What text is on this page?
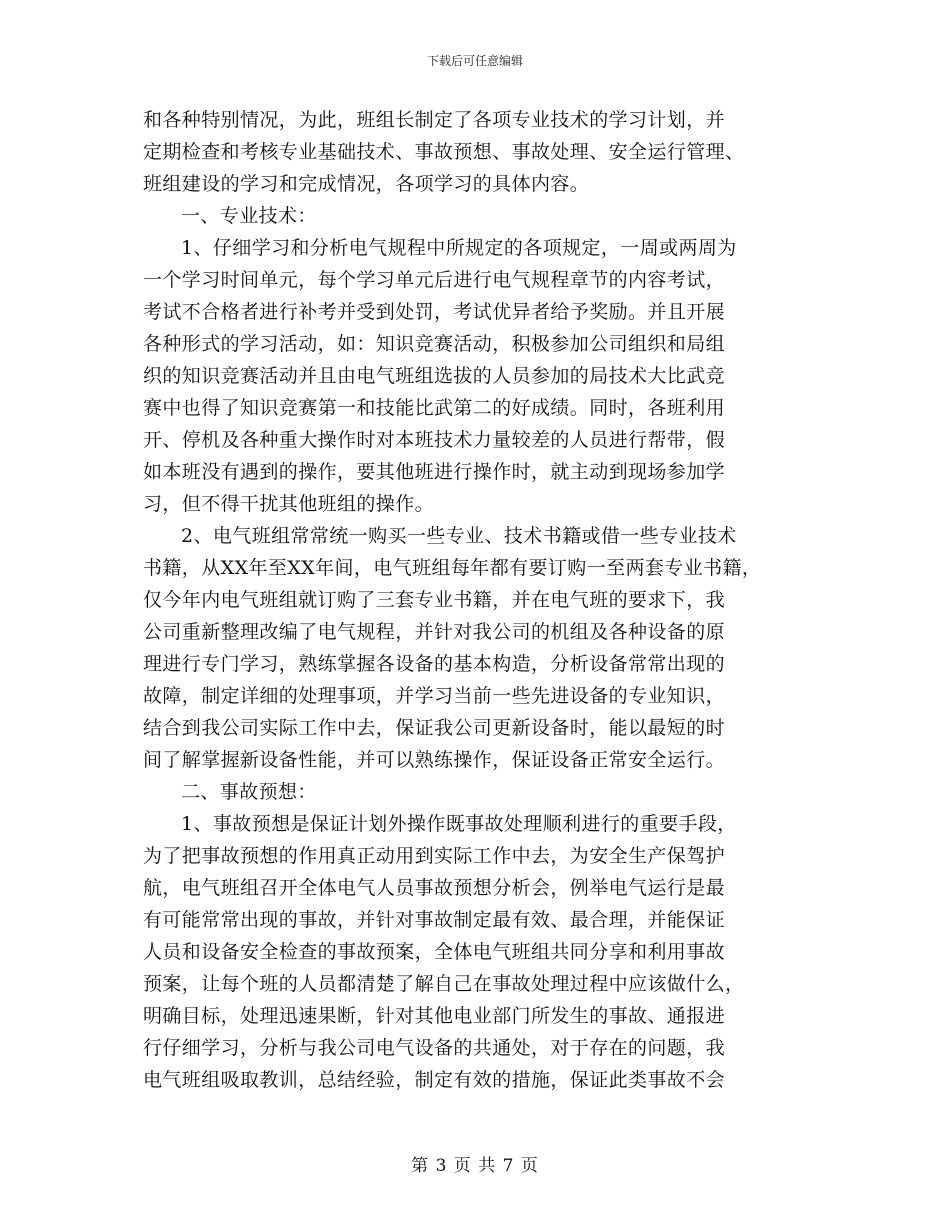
下载后可任意编辑
和各种特别情况，为此，班组长制定了各项专业技术的学习计划，并
定期检查和考核专业基础技术、事故预想、事故处理、安全运行管理、
班组建设的学习和完成情况，各项学习的具体内容。
一、专业技术：
1、仔细学习和分析电气规程中所规定的各项规定，一周或两周为
一个学习时间单元，每个学习单元后进行电气规程章节的内容考试，
考试不合格者进行补考并受到处罚，考试优异者给予奖励。并且开展
各种形式的学习活动，如：知识竞赛活动，积极参加公司组织和局组
织的知识竞赛活动并且由电气班组选拔的人员参加的局技术大比武竞
赛中也得了知识竞赛第一和技能比武第二的好成绩。同时，各班利用
开、停机及各种重大操作时对本班技术力量较差的人员进行帮带，假
如本班没有遇到的操作，要其他班进行操作时，就主动到现场参加学
习，但不得干扰其他班组的操作。
2、电气班组常常统一购买一些专业、技术书籍或借一些专业技术
书籍，从XX年至XX年间，电气班组每年都有要订购一至两套专业书籍，
仅今年内电气班组就订购了三套专业书籍，并在电气班的要求下，我
公司重新整理改编了电气规程，并针对我公司的机组及各种设备的原
理进行专门学习，熟练掌握各设备的基本构造，分析设备常常出现的
故障，制定详细的处理事项，并学习当前一些先进设备的专业知识，
结合到我公司实际工作中去，保证我公司更新设备时，能以最短的时
间了解掌握新设备性能，并可以熟练操作，保证设备正常安全运行。
二、事故预想：
1、事故预想是保证计划外操作既事故处理顺利进行的重要手段，
为了把事故预想的作用真正动用到实际工作中去，为安全生产保驾护
航，电气班组召开全体电气人员事故预想分析会，例举电气运行是最
有可能常常出现的事故，并针对事故制定最有效、最合理，并能保证
人员和设备安全检查的事故预案，全体电气班组共同分享和利用事故
预案，让每个班的人员都清楚了解自己在事故处理过程中应该做什么，
明确目标，处理迅速果断，针对其他电业部门所发生的事故、通报进
行仔细学习，分析与我公司电气设备的共通处，对于存在的问题，我
电气班组吸取教训，总结经验，制定有效的措施，保证此类事故不会
第 3 页 共 7 页
